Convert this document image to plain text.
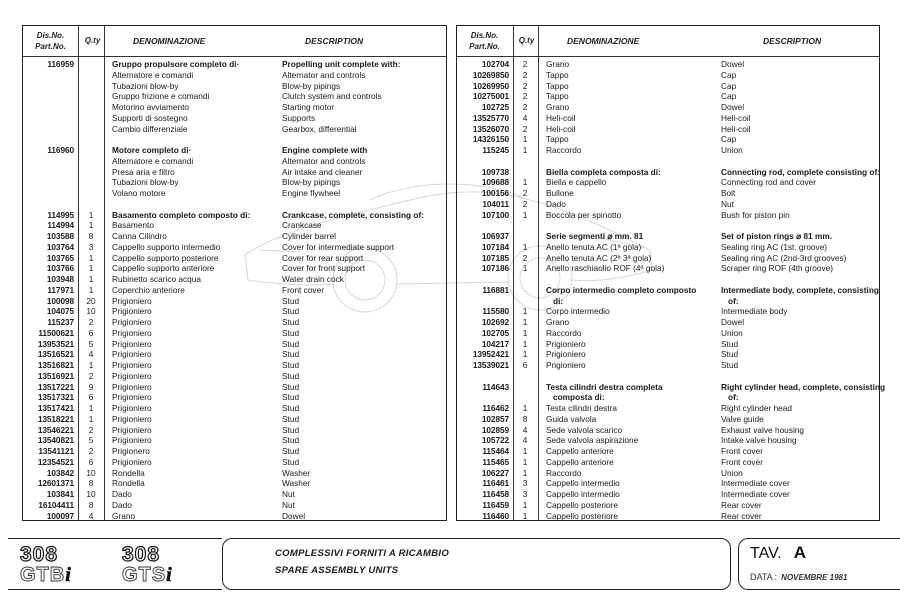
Dis.No.
Part.No.
Q.ty	DENOMINAZIONE	DESCRIPTION
116959	Gruppo propulsore completo di·	Propelling unit complete with:
Alternatore e comandi	Alternator and controls
Tubazioni blow-by	Blow-by pipings
Gruppo frizione e comandi	Clutch system and controls
Motorino avviamento	Starting motor
Supporti di sostegno	Supports
Cambio differenziale	Gearbox, differential
116960	Motore completo di·	Engine complete with
Alternatore e comandi	Alternator and controls
Presa aria e filtro	Air intake and cleaner
Tubazioni blow-by	Blow-by pipings
Volano motore	Engine flywheel
114995	1	Basamento completo composto di:	Crankcase, complete, consisting of:
114994	1	Basamento	Crankcase
103588	8	Canna Cilindro	Cylinder barrel
103764	3	Cappello supporto intermedio	Cover for intermediate support
103765	1	Cappello supporto posteriore	Cover for rear support
103766	1	Cappello supporto anteriore	Cover for front support
103948	1	Rubinetto scarico acqua	Water drain cock
117971	1	Coperchio anteriore	Front cover
100098	20	Prigioniero	Stud
104075	10	Prigioniero	Stud
115237	2	Prigioniero	Stud
11500621	6	Prigioniero	Stud
13953521	5	Prigioniero	Stud
13516521	4	Prigioniero	Stud
13516821	1	Prigioniero	Stud
13516921	2	Prigioniero	Stud
13517221	9	Prigioniero	Stud
13517321	6	Prigioniero	Stud
13517421	1	Prigioniero	Stud
13518221	1	Prigioniero	Stud
13546221	2	Prigioniero	Stud
13540821	5	Prigioniero	Stud
13541121	2	Prigionero	Stud
12354521	6	Prigioniero	Stud
103842	10	Rondella	Washer
12601371	8	Rondella	Washer
103841	10	Dado	Nut
16104411	8	Dado	Nut
100097	4	Grano	Dowel
Dis.No.
Part.No.
Q.ty	DENOMINAZIONE	DESCRIPTION
102704	2	Grano	Dowel
10269850	2	Tappo	Cap
10269950	2	Tappo	Cap
10275001	2	Tappo	Cap
102725	2	Grano	Dowel
13525770	4	Heli-coil	Heli-coil
13526070	2	Heli-coil	Heli-coil
14326150	1	Tappo	Cap
115245	1	Raccordo	Union
109738	Biella completa composta di:	Connecting rod, complete consisting of:
109688	1	Biella e cappello	Connecting rod and cover
100156	2	Bullone	Bolt
104011	2	Dado	Nut
107100	1	Boccola per spinotto	Bush for piston pin
106937	Serie segmenti ⌀ mm. 81	Set of piston rings ⌀ 81 mm.
107184	1	Anello tenuta AC (1ª gola)	Sealing ring AC (1st. groove)
107185	2	Anello tenuta AC (2ª 3ª gola)	Sealing ring AC (2nd-3rd grooves)
107186	1	Anello raschiaolio ROF (4ª gola)	Scraper ring ROF (4th groove)
116881	Corpo intermedio completo composto	Intermediate body, complete, consisting
di:	of:
115580	1	Corpo intermedio	Intermediate body
102692	1	Grano	Dowel
102705	1	Raccordo	Union
104217	1	Prigioniero	Stud
13952421	1	Prigioniero	Stud
13539021	6	Prigioniero	Stud
114643	Testa cilindri destra completa	Right cylinder head, complete, consisting
composta di:	of:
116462	1	Testa cilindri destra	Right cylinder head
102857	8	Guida valvola	Valve guide
102859	4	Sede valvola scarico	Exhaust valve housing
105722	4	Sede valvola aspirazione	Intake valve housing
115464	1	Cappello anteriore	Front cover
115465	1	Cappello anteriore	Front cover
106227	1	Raccordo	Union
116461	3	Cappello intermedio	Intermediate cover
116458	3	Cappello intermedio	Intermediate cover
116459	1	Cappello posteriore	Rear cover
116460	1	Cappello posteriore	Rear cover
308
GTBi
308
GTSi
COMPLESSIVI FORNITI A RICAMBIO
SPARE ASSEMBLY UNITS
TAV. A
DATA : NOVEMBRE 1981
